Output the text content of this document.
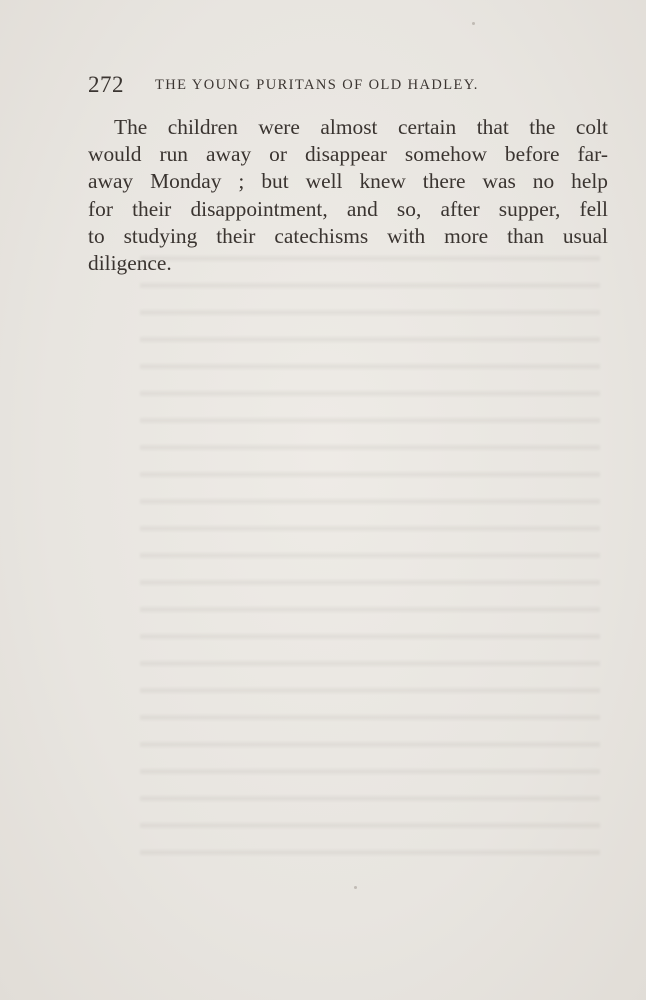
272 THE YOUNG PURITANS OF OLD HADLEY.
The children were almost certain that the colt
would run away or disappear somehow before far-
away Monday ; but well knew there was no help
for their disappointment, and so, after supper, fell
to studying their catechisms with more than usual
diligence.
